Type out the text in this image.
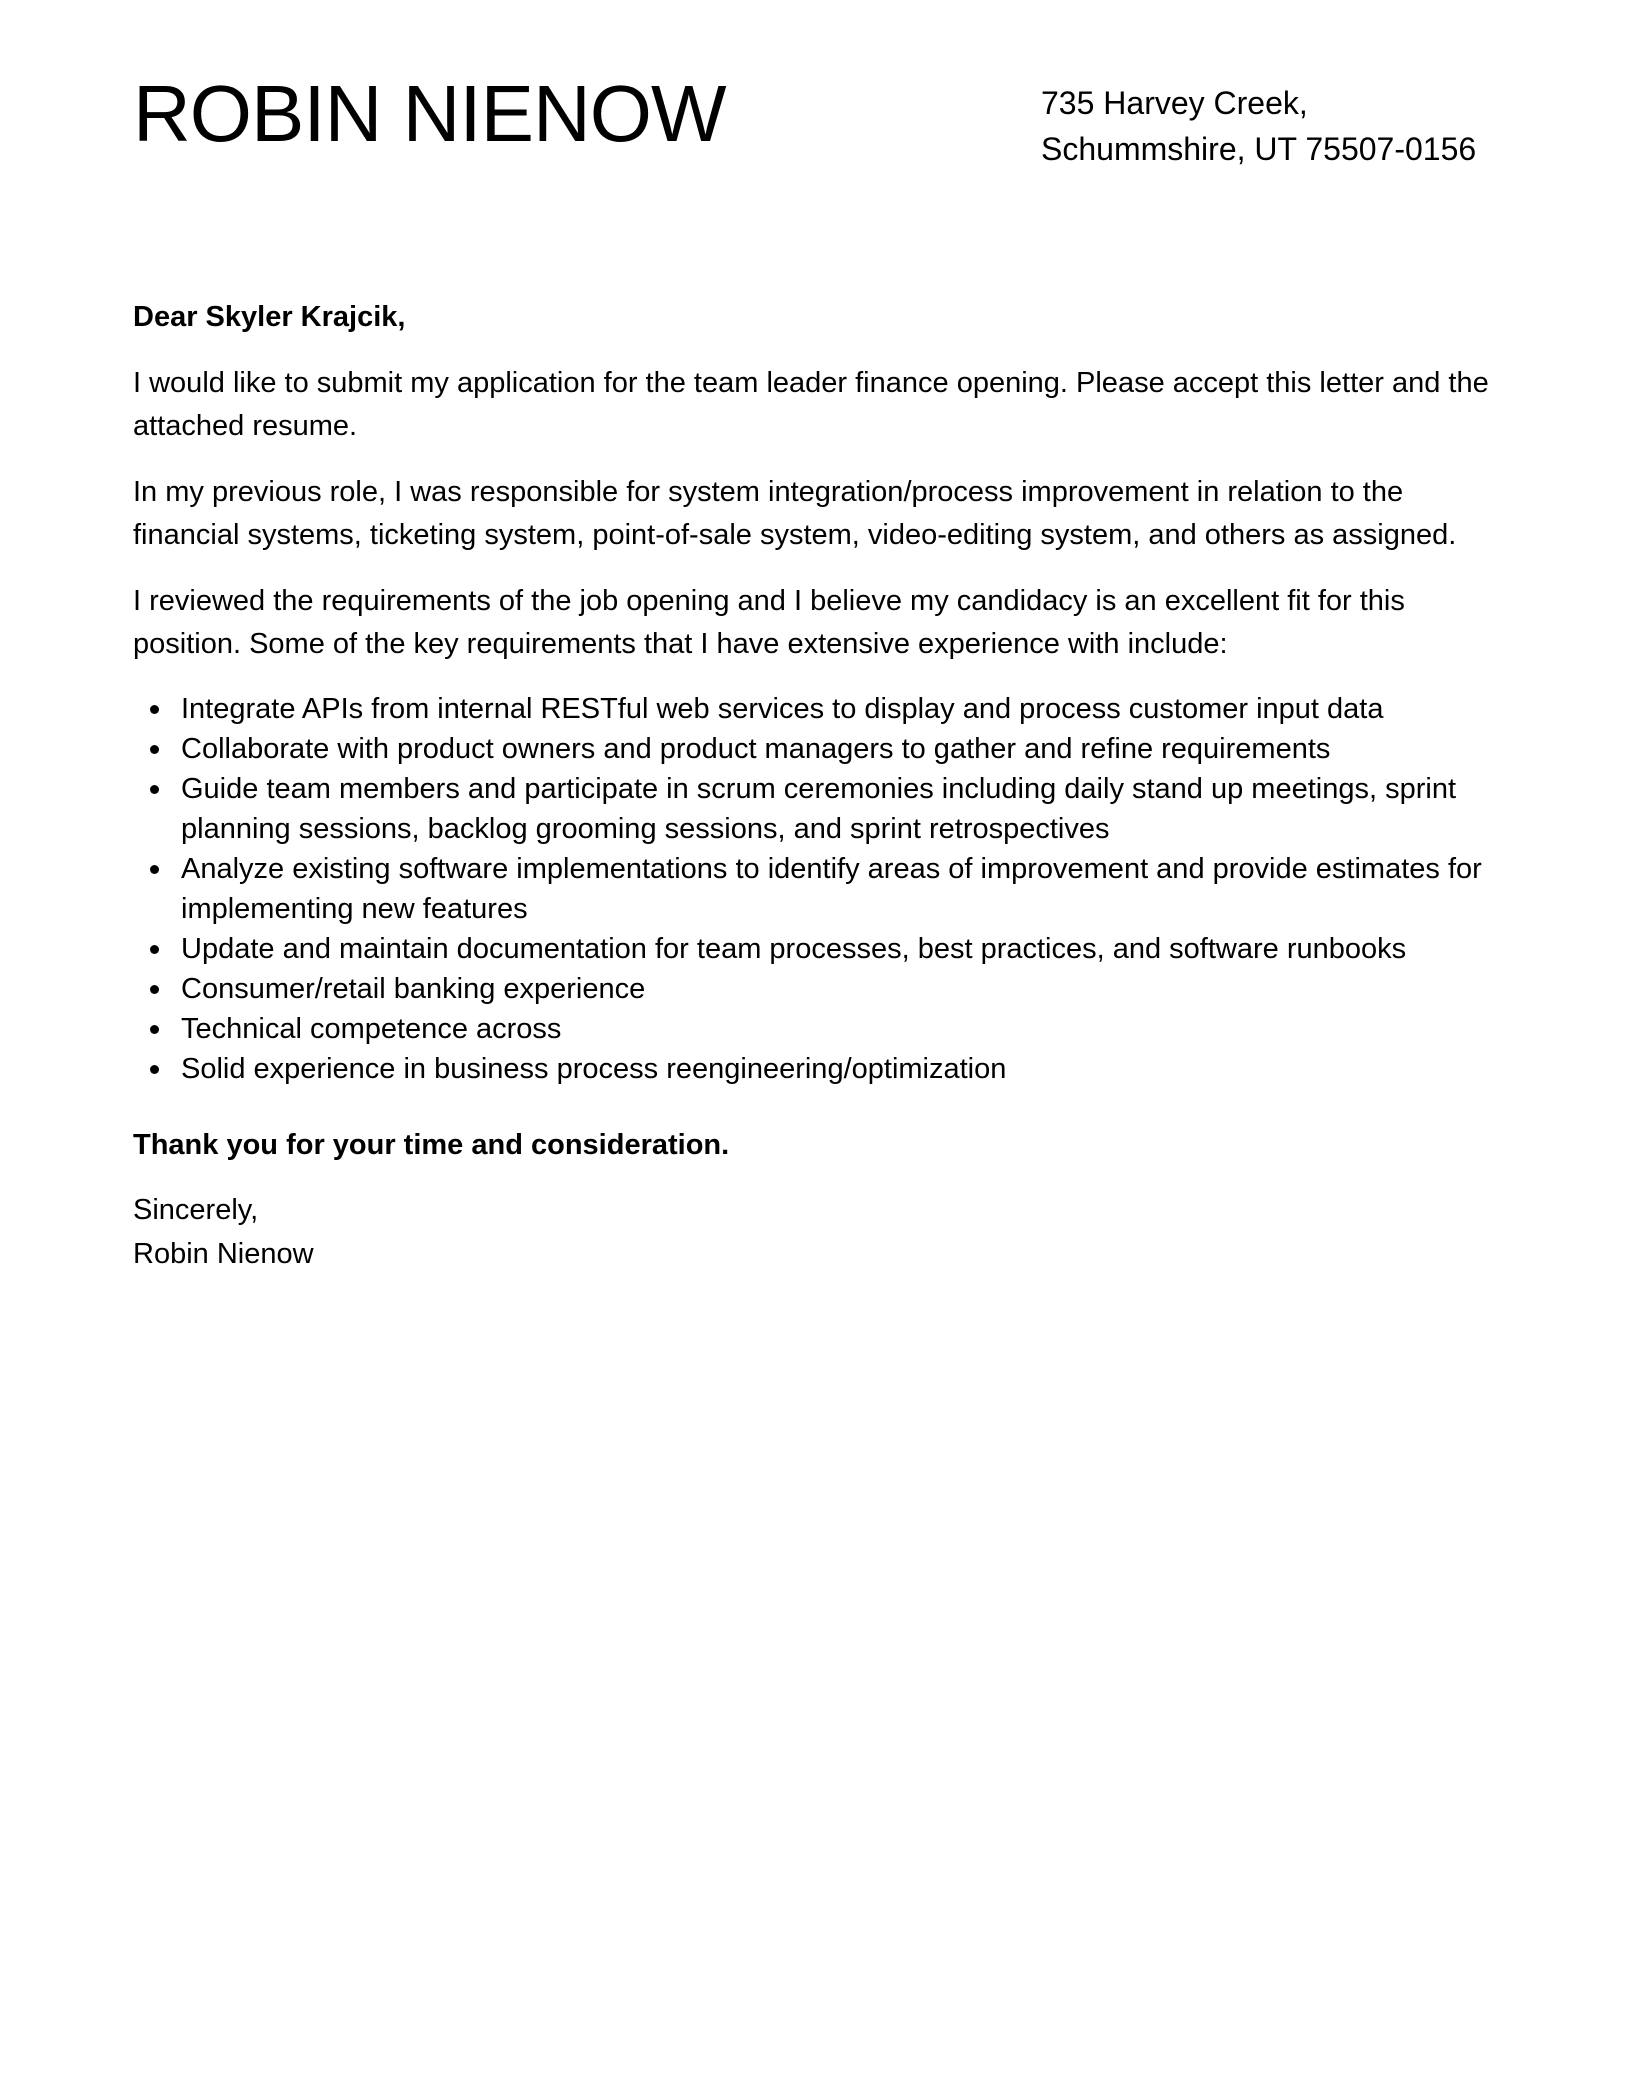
ROBIN NIENOW	735 Harvey Creek,
Schummshire, UT 75507-0156

Dear Skyler Krajcik,

I would like to submit my application for the team leader finance opening. Please accept this letter and the attached resume.

In my previous role, I was responsible for system integration/process improvement in relation to the financial systems, ticketing system, point-of-sale system, video-editing system, and others as assigned.

I reviewed the requirements of the job opening and I believe my candidacy is an excellent fit for this position. Some of the key requirements that I have extensive experience with include:

Integrate APIs from internal RESTful web services to display and process customer input data
Collaborate with product owners and product managers to gather and refine requirements
Guide team members and participate in scrum ceremonies including daily stand up meetings, sprint planning sessions, backlog grooming sessions, and sprint retrospectives
Analyze existing software implementations to identify areas of improvement and provide estimates for implementing new features
Update and maintain documentation for team processes, best practices, and software runbooks
Consumer/retail banking experience
Technical competence across
Solid experience in business process reengineering/optimization

Thank you for your time and consideration.

Sincerely,
Robin Nienow
